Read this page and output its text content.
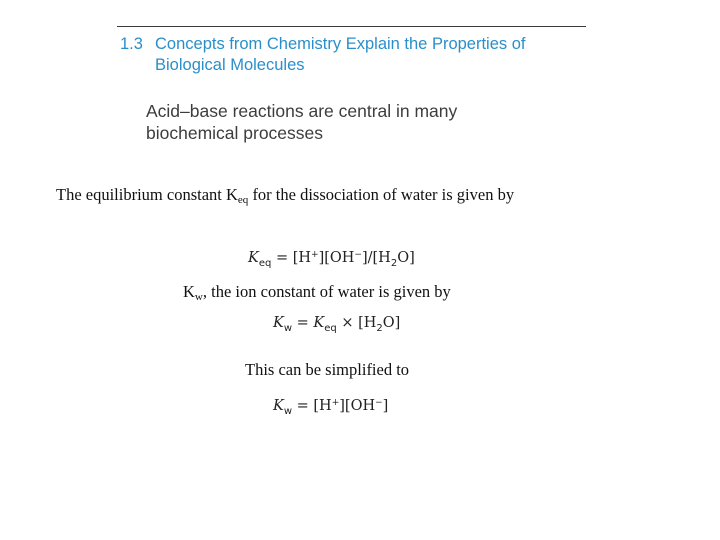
1.3 Concepts from Chemistry Explain the Properties of Biological Molecules
Acid–base reactions are central in many biochemical processes
The equilibrium constant $K_{eq}$ for the dissociation of water is given by
$K_{eq} = [H^+][OH^-]/[H_2O]$
$K_w$, the ion constant of water is given by
$K_w = K_{eq} \times [H_2O]$
This can be simplified to
$K_w = [H^+][OH^-]$
